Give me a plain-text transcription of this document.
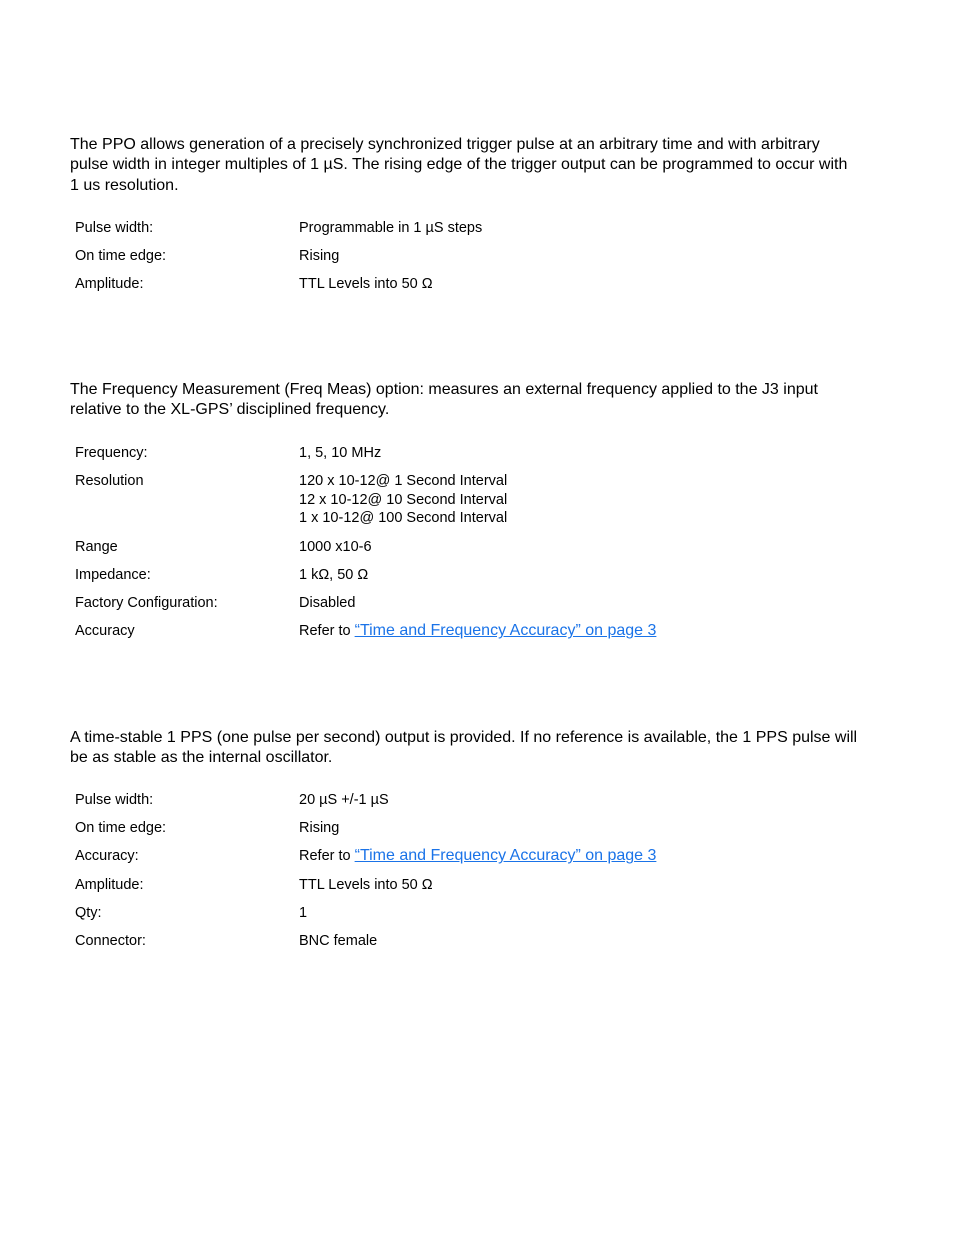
The PPO allows generation of a precisely synchronized trigger pulse at an arbitrary time and with arbitrary pulse width in integer multiples of 1 µS. The rising edge of the trigger output can be programmed to occur with 1 us resolution.

Pulse width:	Programmable in 1 µS steps
On time edge:	Rising
Amplitude:	TTL Levels into 50 Ω

The Frequency Measurement (Freq Meas) option: measures an external frequency applied to the J3 input relative to the XL-GPS’ disciplined frequency.

Frequency:	1, 5, 10 MHz
Resolution	120 x 10-12@ 1 Second Interval
12 x 10-12@ 10 Second Interval
1 x 10-12@ 100 Second Interval
Range	1000 x10-6
Impedance:	1 kΩ, 50 Ω
Factory Configuration:	Disabled
Accuracy	Refer to “Time and Frequency Accuracy” on page 3

A time-stable 1 PPS (one pulse per second) output is provided. If no reference is available, the 1 PPS pulse will be as stable as the internal oscillator.

Pulse width:	20 µS +/-1 µS
On time edge:	Rising
Accuracy:	Refer to “Time and Frequency Accuracy” on page 3
Amplitude:	TTL Levels into 50 Ω
Qty:	1
Connector:	BNC female
